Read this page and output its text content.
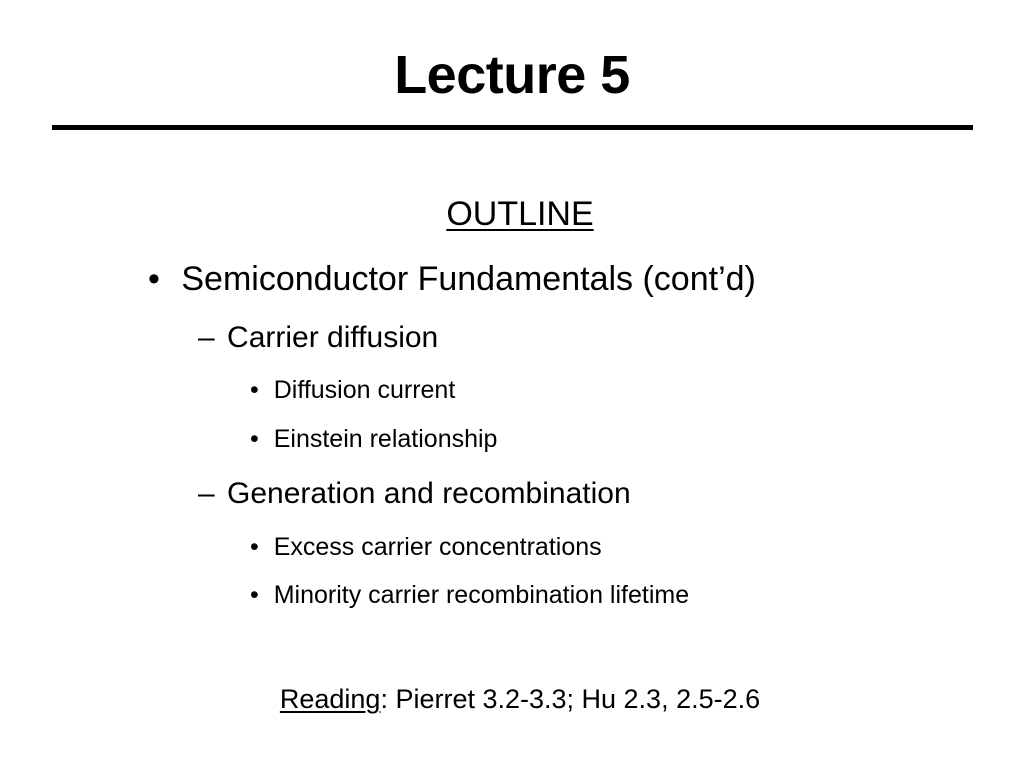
Lecture 5
OUTLINE
• Semiconductor Fundamentals (cont’d)
– Carrier diffusion
• Diffusion current
• Einstein relationship
– Generation and recombination
• Excess carrier concentrations
• Minority carrier recombination lifetime
Reading: Pierret 3.2-3.3; Hu 2.3, 2.5-2.6
